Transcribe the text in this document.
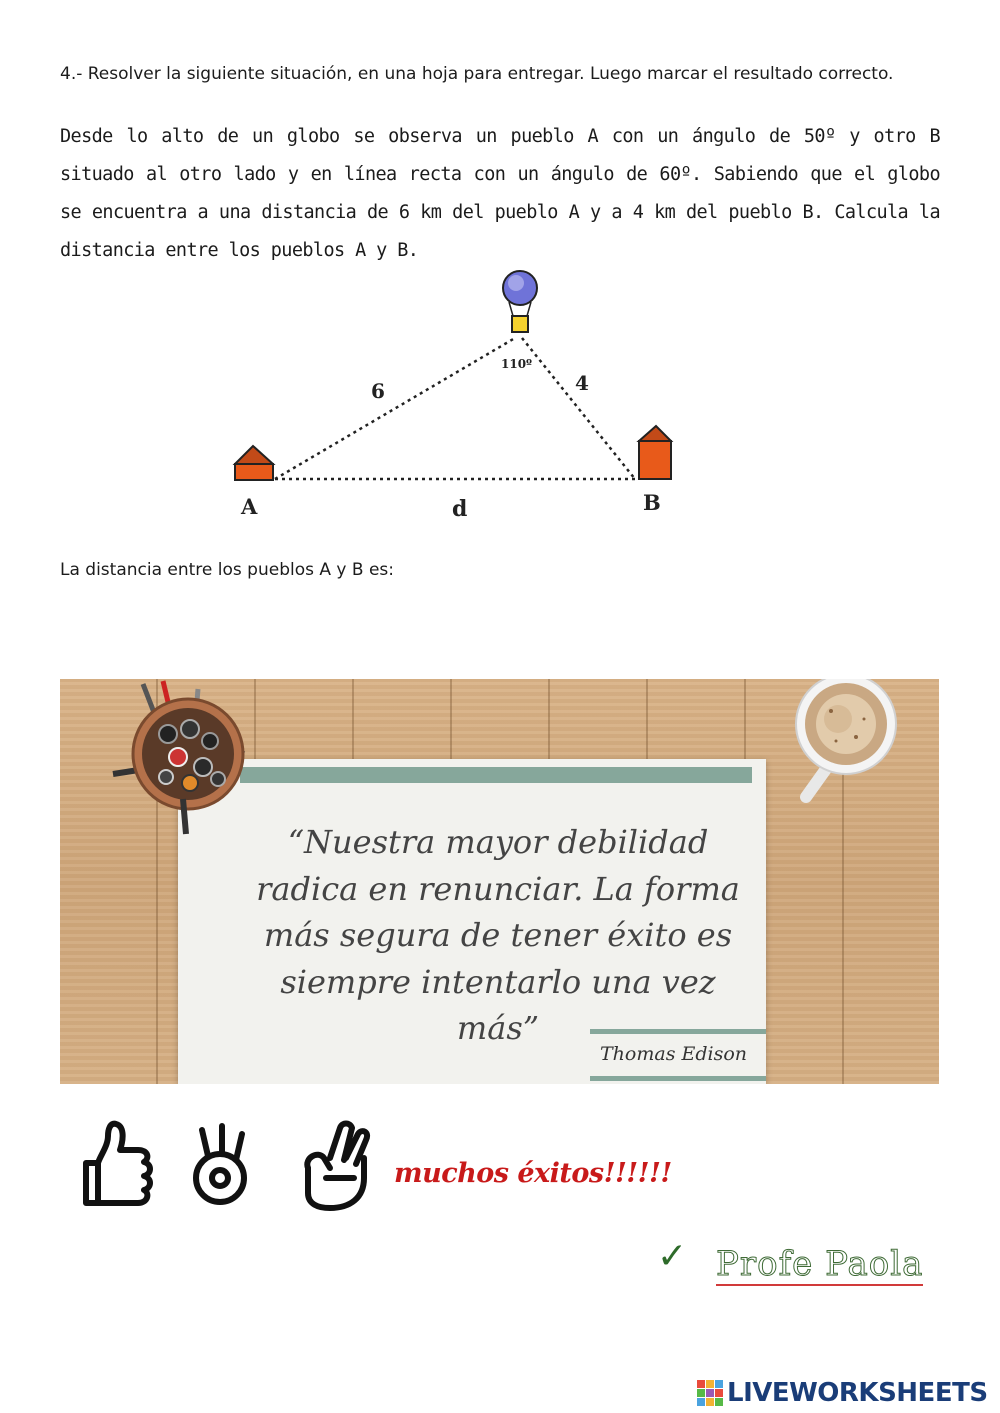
4.- Resolver la siguiente situación, en una hoja para entregar. Luego marcar el resultado correcto.
Desde lo alto de un globo se observa un pueblo A con un ángulo de 50º y otro B situado al otro lado y en línea recta con un ángulo de 60º. Sabiendo que el globo se encuentra a una distancia de 6 km del pueblo A y a 4 km del pueblo B. Calcula la distancia entre los pueblos A y B.
110º
6	4
d
A	B
La distancia entre los pueblos A y B es:
“Nuestra mayor debilidad radica en renunciar. La forma más segura de tener éxito es siempre intentarlo una vez más”
Thomas Edison
muchos éxitos!!!!!!
✓ Profe Paola
LIVEWORKSHEETS
